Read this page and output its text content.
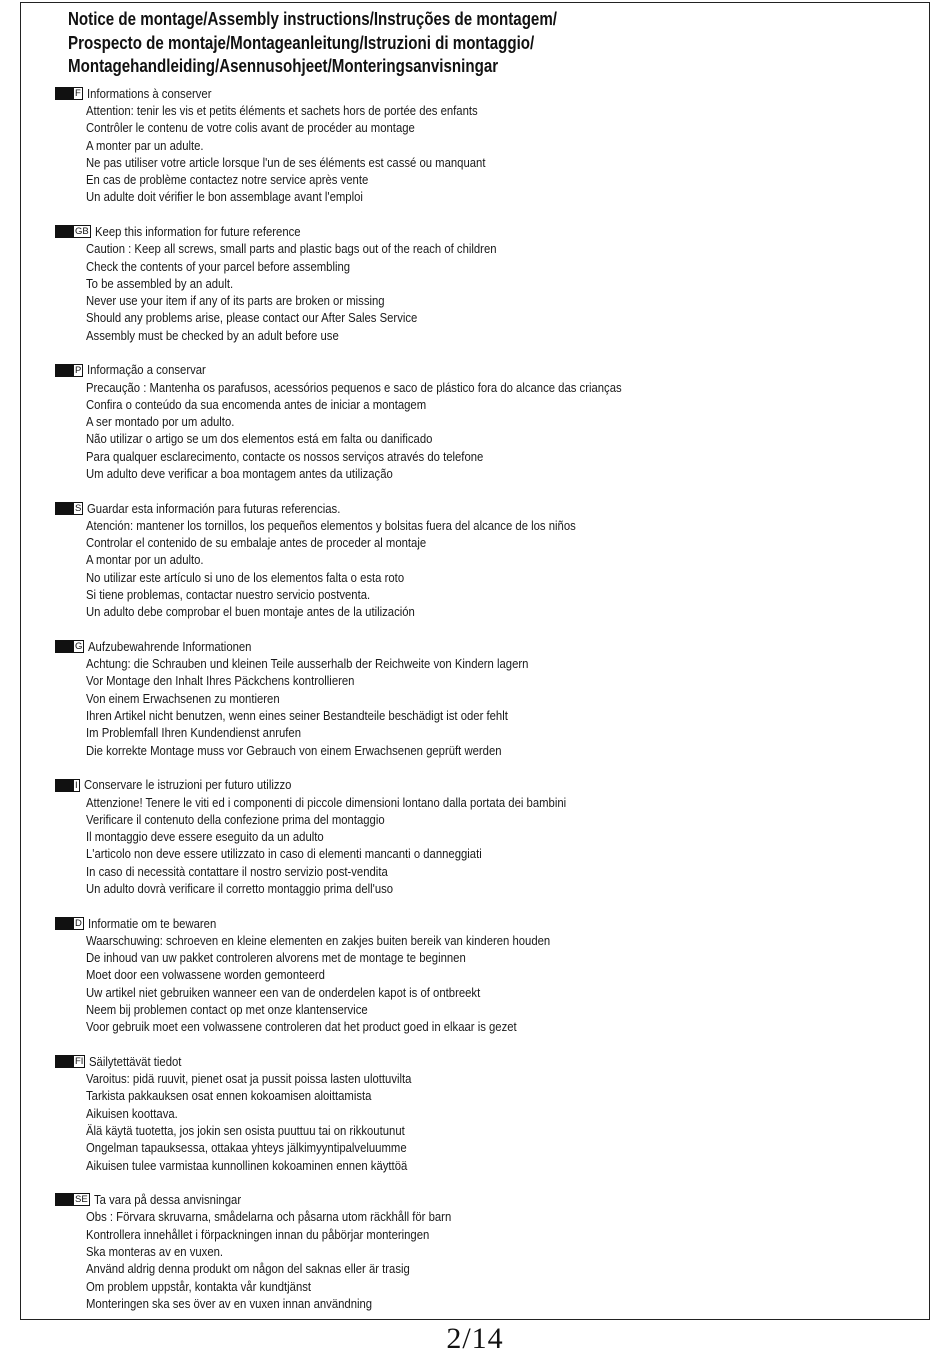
Notice de montage/Assembly instructions/Instruções de montagem/
Prospecto de montaje/Montageanleitung/Istruzioni di montaggio/
Montagehandleiding/Asennusohjeet/Monteringsanvisningar
F Informations à conserver
Attention: tenir les vis et petits éléments et sachets hors de portée des enfants
Contrôler le contenu de votre colis avant de procéder au montage
A monter par un adulte.
Ne pas utiliser votre article lorsque l'un de ses éléments est cassé ou manquant
En cas de problème contactez notre service après vente
Un adulte doit vérifier le bon assemblage avant l'emploi
GB Keep this information for future reference
Caution : Keep all screws, small parts and plastic bags out of the reach of children
Check the contents of your parcel before assembling
To be assembled by an adult.
Never use your item if any of its parts are broken or missing
Should any problems arise, please contact our After Sales Service
Assembly must be checked by an adult before use
P Informação a conservar
Precaução : Mantenha os parafusos, acessórios pequenos e saco de plástico fora do alcance das crianças
Confira o conteúdo da sua encomenda antes de iniciar a montagem
A ser montado por um adulto.
Não utilizar o artigo se um dos elementos está em falta ou danificado
Para qualquer esclarecimento, contacte os nossos serviços através do telefone
Um adulto deve verificar a boa montagem antes da utilização
S Guardar esta información para futuras referencias.
Atención: mantener los tornillos, los pequeños elementos y bolsitas fuera del alcance de los niños
Controlar el contenido de su embalaje antes de proceder al montaje
A montar por un adulto.
No utilizar este artículo si uno de los elementos falta o esta roto
Si tiene problemas, contactar nuestro servicio postventa.
Un adulto debe comprobar el buen montaje antes de la utilización
G Aufzubewahrende Informationen
Achtung: die Schrauben und kleinen Teile ausserhalb der Reichweite von Kindern lagern
Vor Montage den Inhalt Ihres Päckchens kontrollieren
Von einem Erwachsenen zu montieren
Ihren Artikel nicht benutzen, wenn eines seiner Bestandteile beschädigt ist oder fehlt
Im Problemfall Ihren Kundendienst anrufen
Die korrekte Montage muss vor Gebrauch von einem Erwachsenen geprüft werden
I Conservare le istruzioni per futuro utilizzo
Attenzione! Tenere le viti ed i componenti di piccole dimensioni lontano dalla portata dei bambini
Verificare il contenuto della confezione prima del montaggio
Il montaggio deve essere eseguito da un adulto
L'articolo non deve essere utilizzato in caso di elementi mancanti o danneggiati
In caso di necessità contattare il nostro servizio post-vendita
Un adulto dovrà verificare il corretto montaggio prima dell'uso
D Informatie om te bewaren
Waarschuwing: schroeven en kleine elementen en zakjes buiten bereik van kinderen houden
De inhoud van uw pakket controleren alvorens met de montage te beginnen
Moet door een volwassene worden gemonteerd
Uw artikel niet gebruiken wanneer een van de onderdelen kapot is of ontbreekt
Neem bij problemen contact op met onze klantenservice
Voor gebruik moet een volwassene controleren dat het product goed in elkaar is gezet
FI Säilytettävät tiedot
Varoitus: pidä ruuvit, pienet osat ja pussit poissa lasten ulottuvilta
Tarkista pakkauksen osat ennen kokoamisen aloittamista
Aikuisen koottava.
Älä käytä tuotetta, jos jokin sen osista puuttuu tai on rikkoutunut
Ongelman tapauksessa, ottakaa yhteys jälkimyyntipalveluumme
Aikuisen tulee varmistaa kunnollinen kokoaminen ennen käyttöä
SE Ta vara på dessa anvisningar
Obs : Förvara skruvarna, smådelarna och påsarna utom räckhåll för barn
Kontrollera innehållet i förpackningen innan du påbörjar monteringen
Ska monteras av en vuxen.
Använd aldrig denna produkt om någon del saknas eller är trasig
Om problem uppstår, kontakta vår kundtjänst
Monteringen ska ses över av en vuxen innan användning
2/14
